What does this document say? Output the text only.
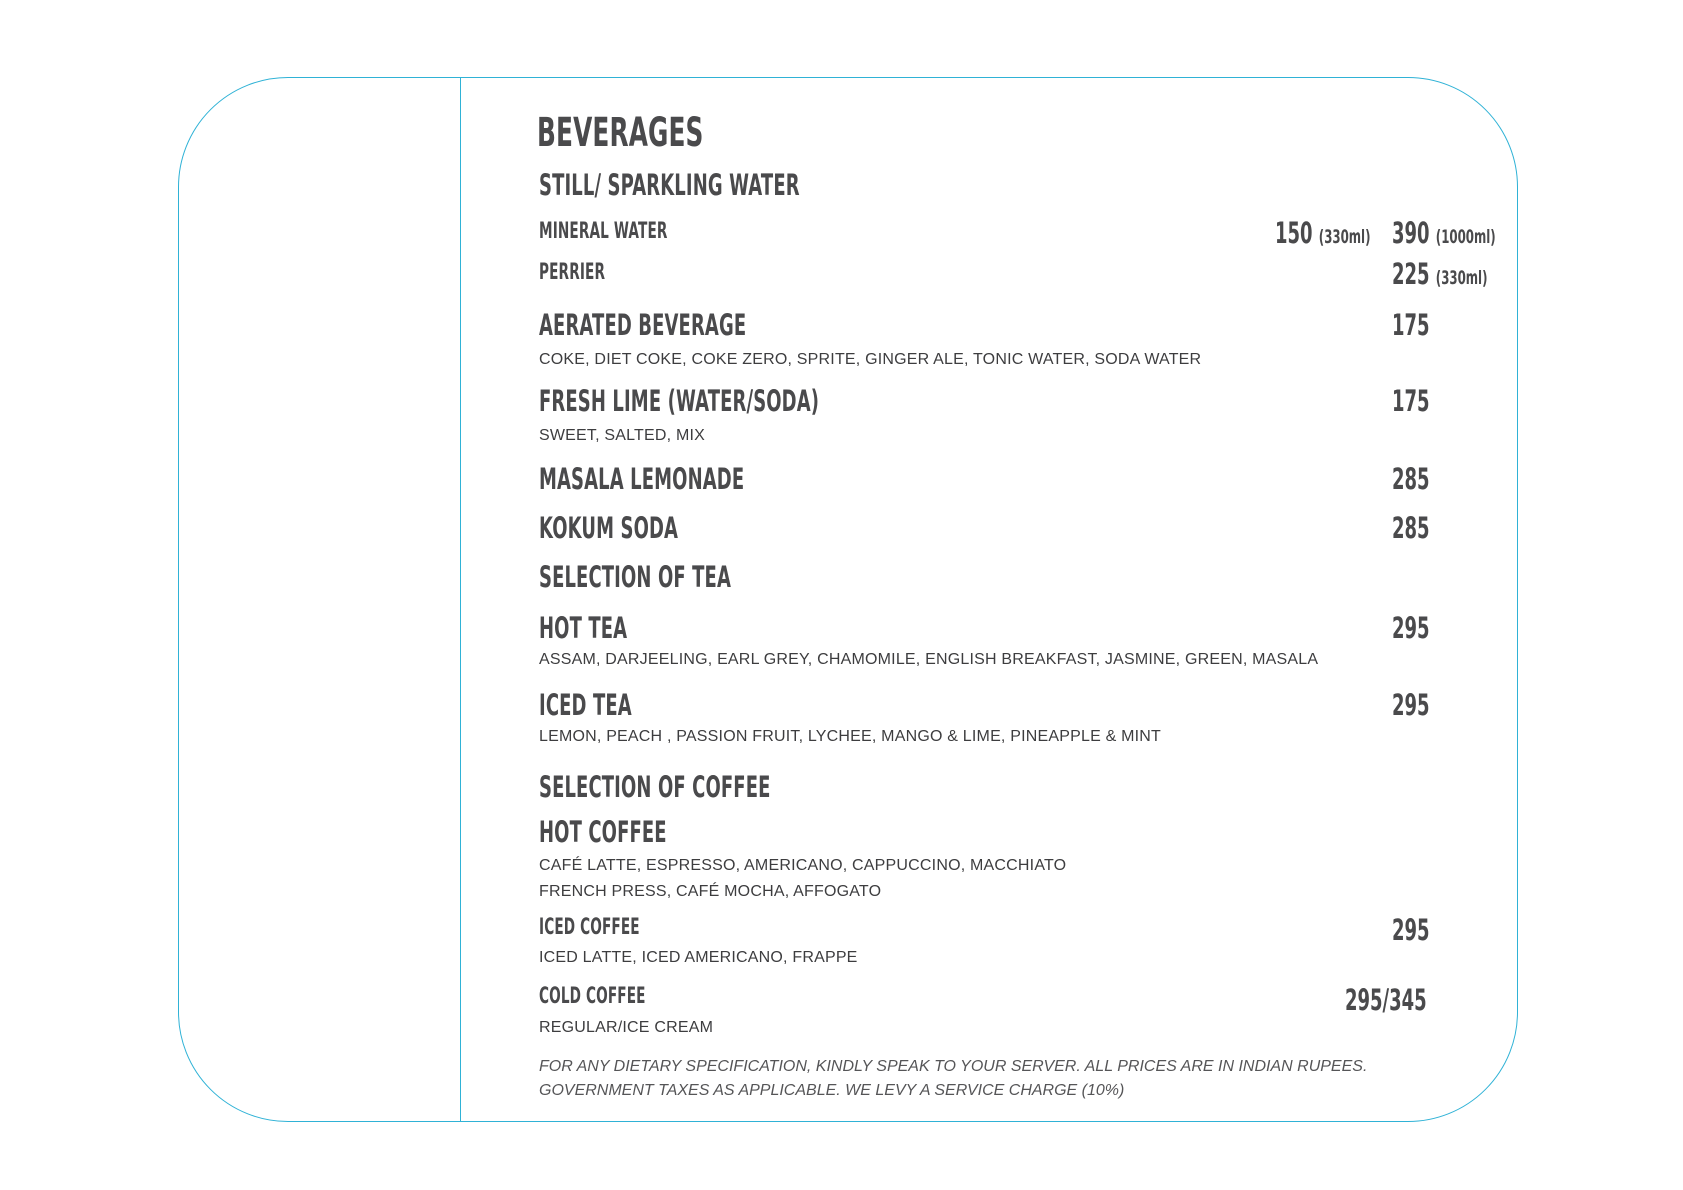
BEVERAGES
STILL/ SPARKLING WATER
MINERAL WATER	150 (330ml) 390 (1000ml)
PERRIER	225 (330ml)
AERATED BEVERAGE	175
COKE, DIET COKE, COKE ZERO, SPRITE, GINGER ALE, TONIC WATER, SODA WATER
FRESH LIME (WATER/SODA)	175
SWEET, SALTED, MIX
MASALA LEMONADE	285
KOKUM SODA	285
SELECTION OF TEA
HOT TEA	295
ASSAM, DARJEELING, EARL GREY, CHAMOMILE, ENGLISH BREAKFAST, JASMINE, GREEN, MASALA
ICED TEA	295
LEMON, PEACH , PASSION FRUIT, LYCHEE, MANGO & LIME, PINEAPPLE & MINT
SELECTION OF COFFEE
HOT COFFEE
CAFÉ LATTE, ESPRESSO, AMERICANO, CAPPUCCINO, MACCHIATO
FRENCH PRESS, CAFÉ MOCHA, AFFOGATO
ICED COFFEE	295
ICED LATTE, ICED AMERICANO, FRAPPE
COLD COFFEE	295/345
REGULAR/ICE CREAM
FOR ANY DIETARY SPECIFICATION, KINDLY SPEAK TO YOUR SERVER. ALL PRICES ARE IN INDIAN RUPEES. GOVERNMENT TAXES AS APPLICABLE. WE LEVY A SERVICE CHARGE (10%)
